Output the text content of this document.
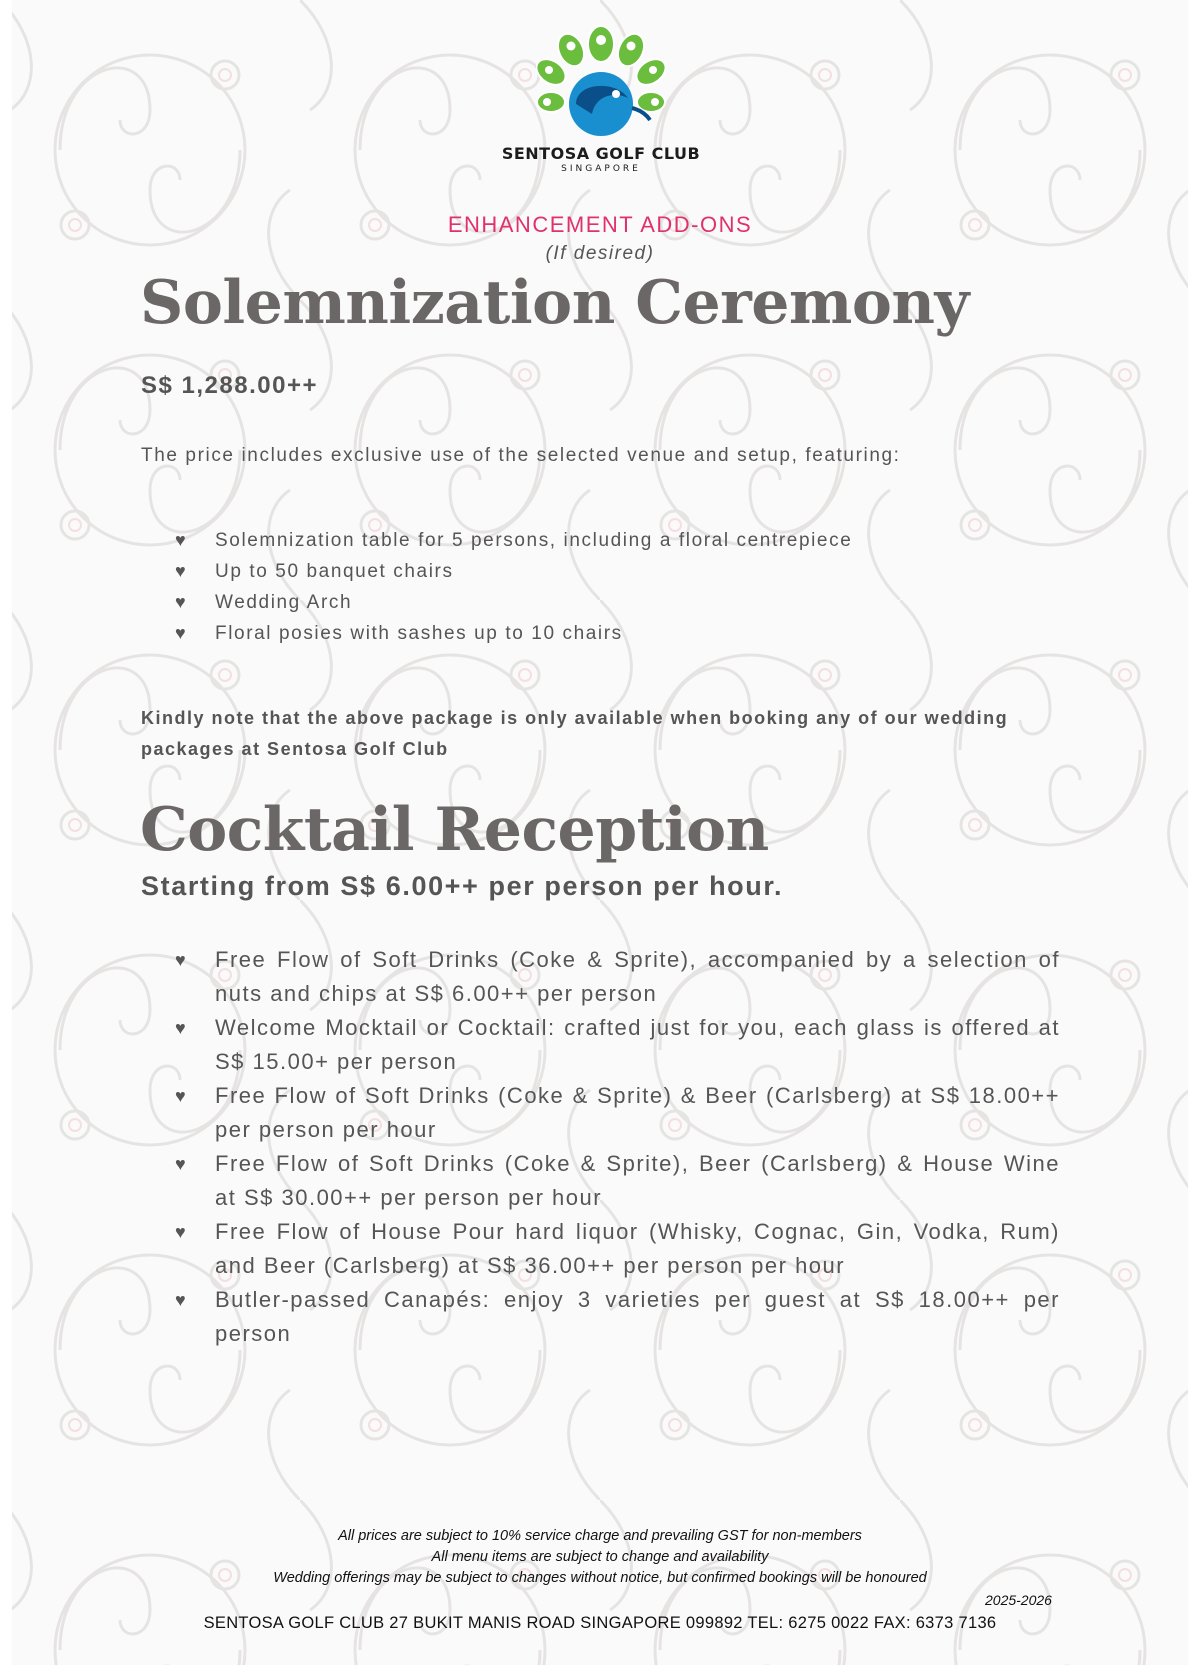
SENTOSA GOLF CLUB
SINGAPORE
ENHANCEMENT ADD-ONS
(If desired)
Solemnization Ceremony
S$ 1,288.00++
The price includes exclusive use of the selected venue and setup, featuring:
♥ Solemnization table for 5 persons, including a floral centrepiece
♥ Up to 50 banquet chairs
♥ Wedding Arch
♥ Floral posies with sashes up to 10 chairs
Kindly note that the above package is only available when booking any of our wedding packages at Sentosa Golf Club
Cocktail Reception
Starting from S$ 6.00++ per person per hour.
♥ Free Flow of Soft Drinks (Coke & Sprite), accompanied by a selection of nuts and chips at S$ 6.00++ per person
♥ Welcome Mocktail or Cocktail: crafted just for you, each glass is offered at S$ 15.00+ per person
♥ Free Flow of Soft Drinks (Coke & Sprite) & Beer (Carlsberg) at S$ 18.00++ per person per hour
♥ Free Flow of Soft Drinks (Coke & Sprite), Beer (Carlsberg) & House Wine at S$ 30.00++ per person per hour
♥ Free Flow of House Pour hard liquor (Whisky, Cognac, Gin, Vodka, Rum) and Beer (Carlsberg) at S$ 36.00++ per person per hour
♥ Butler-passed Canapés: enjoy 3 varieties per guest at S$ 18.00++ per person
All prices are subject to 10% service charge and prevailing GST for non-members
All menu items are subject to change and availability
Wedding offerings may be subject to changes without notice, but confirmed bookings will be honoured
2025-2026
SENTOSA GOLF CLUB 27 BUKIT MANIS ROAD SINGAPORE 099892 TEL: 6275 0022 FAX: 6373 7136
